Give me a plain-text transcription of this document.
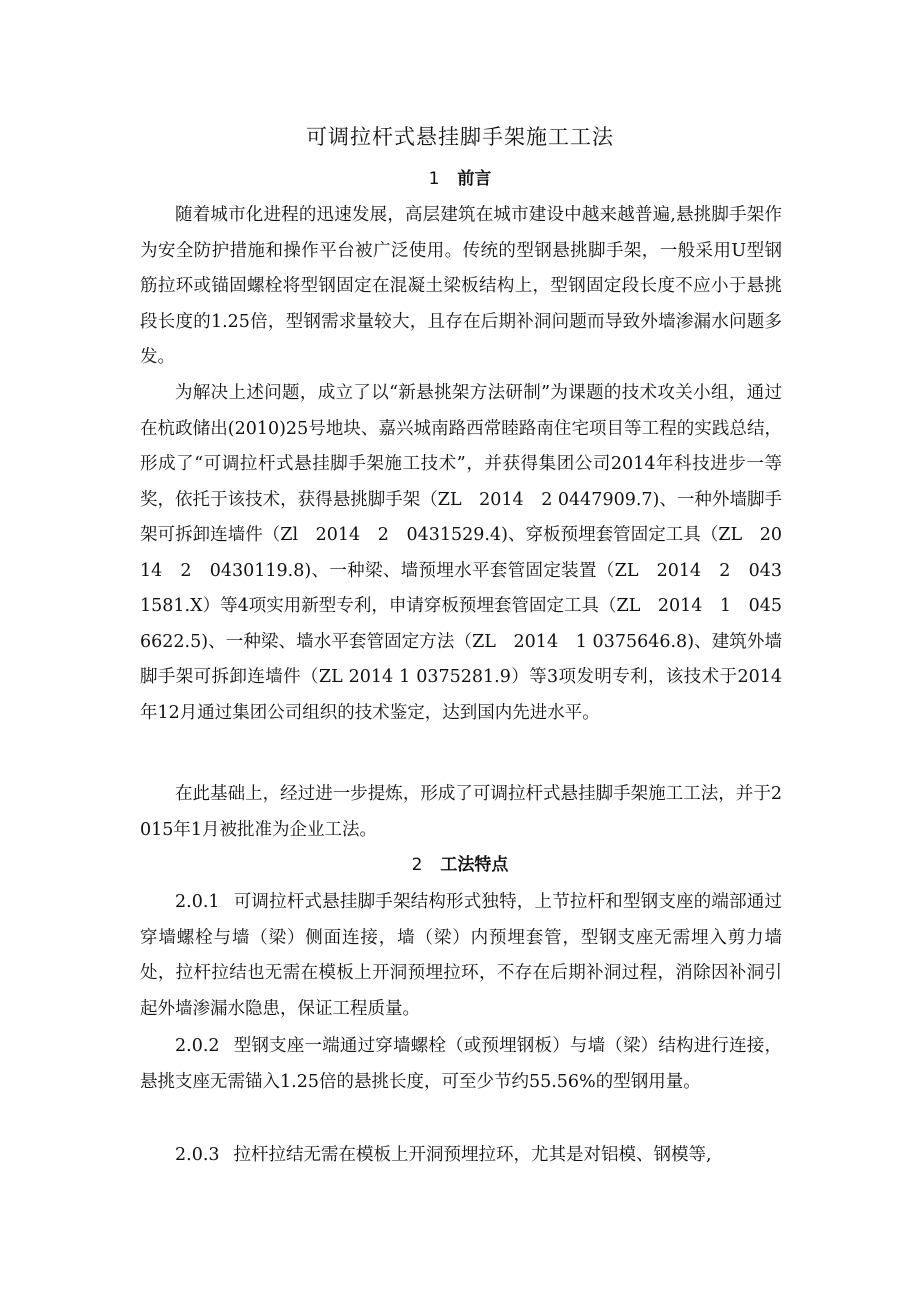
可调拉杆式悬挂脚手架施工工法
1 前言

随着城市化进程的迅速发展，高层建筑在城市建设中越来越普遍,悬挑脚手架作为安全防护措施和操作平台被广泛使用。传统的型钢悬挑脚手架，一般采用U型钢筋拉环或锚固螺栓将型钢固定在混凝土梁板结构上，型钢固定段长度不应小于悬挑段长度的1.25倍，型钢需求量较大，且存在后期补洞问题而导致外墙渗漏水问题多发。

为解决上述问题，成立了以“新悬挑架方法研制”为课题的技术攻关小组，通过在杭政储出(2010)25号地块、嘉兴城南路西常睦路南住宅项目等工程的实践总结，形成了“可调拉杆式悬挂脚手架施工技术”，并获得集团公司2014年科技进步一等奖，依托于该技术，获得悬挑脚手架（ZL　2014　2 0447909.7)、一种外墙脚手架可拆卸连墙件（Zl　2014　2　0431529.4)、穿板预埋套管固定工具（ZL　2014　2　0430119.8)、一种梁、墙预埋水平套管固定装置（ZL　2014　2　0431581.X）等4项实用新型专利，申请穿板预埋套管固定工具（ZL　2014　1　0456622.5)、一种梁、墙水平套管固定方法（ZL　2014　1 0375646.8)、建筑外墙脚手架可拆卸连墙件（ZL 2014 1 0375281.9）等3项发明专利，该技术于2014年12月通过集团公司组织的技术鉴定，达到国内先进水平。

在此基础上，经过进一步提炼，形成了可调拉杆式悬挂脚手架施工工法，并于2015年1月被批准为企业工法。

2 工法特点

2.0.1 可调拉杆式悬挂脚手架结构形式独特，上节拉杆和型钢支座的端部通过穿墙螺栓与墙（梁）侧面连接，墙（梁）内预埋套管，型钢支座无需埋入剪力墙处，拉杆拉结也无需在模板上开洞预埋拉环，不存在后期补洞过程，消除因补洞引起外墙渗漏水隐患，保证工程质量。

2.0.2 型钢支座一端通过穿墙螺栓（或预埋钢板）与墙（梁）结构进行连接，悬挑支座无需锚入1.25倍的悬挑长度，可至少节约55.56%的型钢用量。

2.0.3 拉杆拉结无需在模板上开洞预埋拉环，尤其是对铝模、钢模等,
